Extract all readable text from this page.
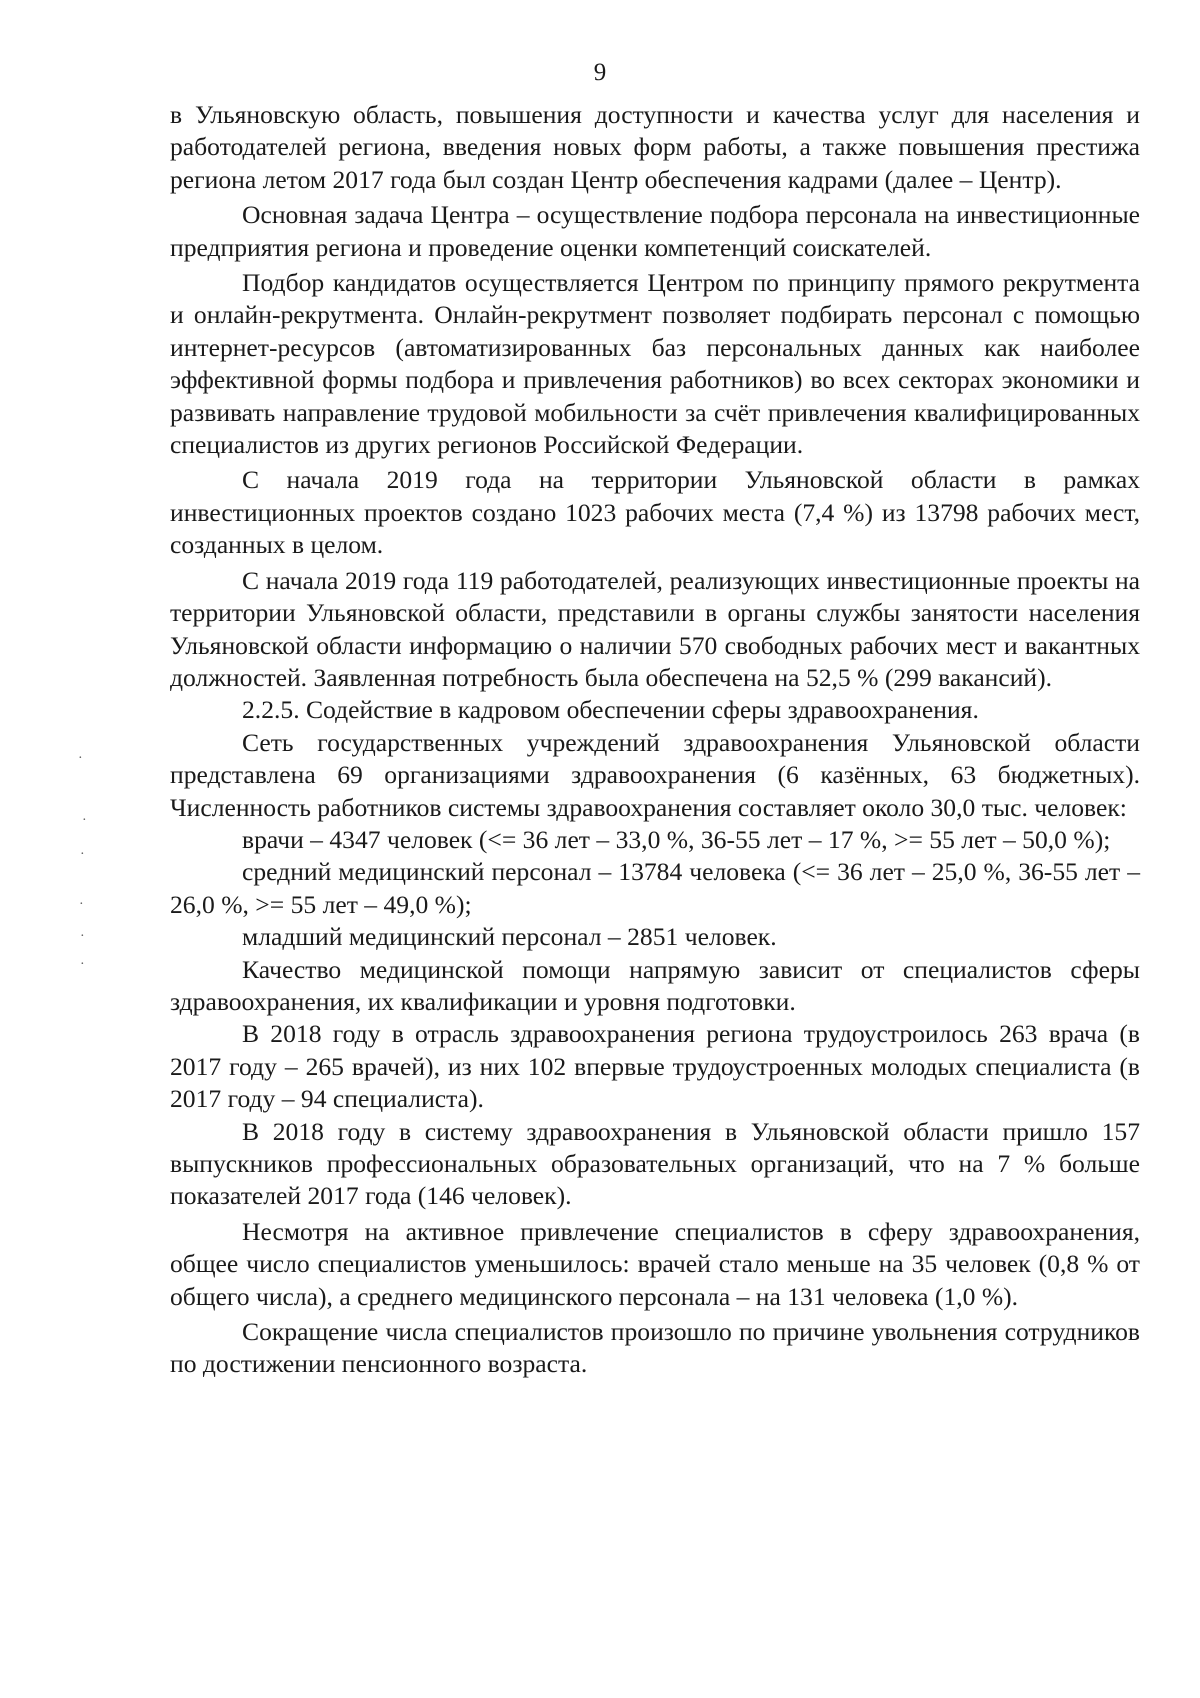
9

в Ульяновскую область, повышения доступности и качества услуг для населения и работодателей региона, введения новых форм работы, а также повышения престижа региона летом 2017 года был создан Центр обеспечения кадрами (далее – Центр).

Основная задача Центра – осуществление подбора персонала на инвестиционные предприятия региона и проведение оценки компетенций соискателей.

Подбор кандидатов осуществляется Центром по принципу прямого рекрутмента и онлайн-рекрутмента. Онлайн-рекрутмент позволяет подбирать персонал с помощью интернет-ресурсов (автоматизированных баз персональных данных как наиболее эффективной формы подбора и привлечения работников) во всех секторах экономики и развивать направление трудовой мобильности за счёт привлечения квалифицированных специалистов из других регионов Российской Федерации.

С начала 2019 года на территории Ульяновской области в рамках инвестиционных проектов создано 1023 рабочих места (7,4 %) из 13798 рабочих мест, созданных в целом.

С начала 2019 года 119 работодателей, реализующих инвестиционные проекты на территории Ульяновской области, представили в органы службы занятости населения Ульяновской области информацию о наличии 570 свободных рабочих мест и вакантных должностей. Заявленная потребность была обеспечена на 52,5 % (299 вакансий).

2.2.5. Содействие в кадровом обеспечении сферы здравоохранения.

Сеть государственных учреждений здравоохранения Ульяновской области представлена 69 организациями здравоохранения (6 казённых, 63 бюджетных). Численность работников системы здравоохранения составляет около 30,0 тыс. человек:

врачи – 4347 человек (<= 36 лет – 33,0 %, 36-55 лет – 17 %, >= 55 лет – 50,0 %);

средний медицинский персонал – 13784 человека (<= 36 лет – 25,0 %, 36-55 лет – 26,0 %, >= 55 лет – 49,0 %);

младший медицинский персонал – 2851 человек.

Качество медицинской помощи напрямую зависит от специалистов сферы здравоохранения, их квалификации и уровня подготовки.

В 2018 году в отрасль здравоохранения региона трудоустроилось 263 врача (в 2017 году – 265 врачей), из них 102 впервые трудоустроенных молодых специалиста (в 2017 году – 94 специалиста).

В 2018 году в систему здравоохранения в Ульяновской области пришло 157 выпускников профессиональных образовательных организаций, что на 7 % больше показателей 2017 года (146 человек).

Несмотря на активное привлечение специалистов в сферу здравоохранения, общее число специалистов уменьшилось: врачей стало меньше на 35 человек (0,8 % от общего числа), а среднего медицинского персонала – на 131 человека (1,0 %).

Сокращение числа специалистов произошло по причине увольнения сотрудников по достижении пенсионного возраста.

·
·
·
·
·
·
